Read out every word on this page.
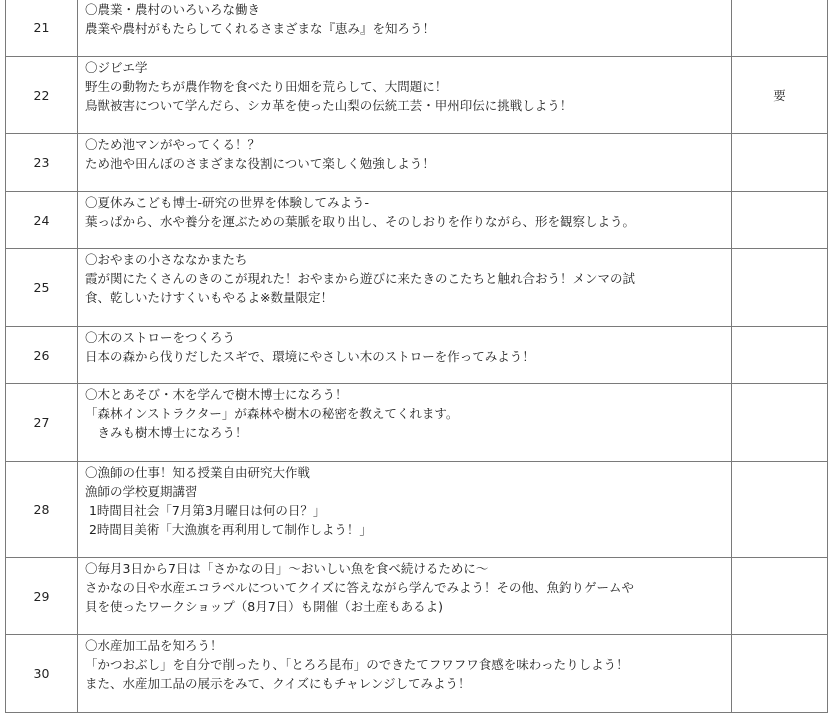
21	〇農業・農村のいろいろな働き
農業や農村がもたらしてくれるさまざまな『恵み』を知ろう！	

22	〇ジビエ学
野生の動物たちが農作物を食べたり田畑を荒らして、大問題に！
鳥獣被害について学んだら、シカ革を使った山梨の伝統工芸・甲州印伝に挑戦しよう！	要
23	〇ため池マンがやってくる！？
ため池や田んぼのさまざまな役割について楽しく勉強しよう！	

24	〇夏休みこども博士-研究の世界を体験してみよう-
葉っぱから、水や養分を運ぶための葉脈を取り出し、そのしおりを作りながら、形を観察しよう。	

25	〇おやまの小さななかまたち
霞が関にたくさんのきのこが現れた！おやまから遊びに来たきのこたちと触れ合おう！メンマの試
食、乾しいたけすくいもやるよ※数量限定！	

26	〇木のストローをつくろう
日本の森から伐りだしたスギで、環境にやさしい木のストローを作ってみよう！	

27	〇木とあそび・木を学んで樹木博士になろう！
「森林インストラクター」が森林や樹木の秘密を教えてくれます。
　きみも樹木博士になろう！	

28	〇漁師の仕事！知る授業自由研究大作戦
漁師の学校夏期講習
1時間目社会「7月第3月曜日は何の日？」
2時間目美術「大漁旗を再利用して制作しよう！」	

29	〇毎月3日から7日は「さかなの日」～おいしい魚を食べ続けるために～
さかなの日や水産エコラベルについてクイズに答えながら学んでみよう！その他、魚釣りゲームや
貝を使ったワークショップ（8月7日）も開催（お土産もあるよ)	

30	〇水産加工品を知ろう！
「かつおぶし」を自分で削ったり、「とろろ昆布」のできたてフワフワ食感を味わったりしよう！
また、水産加工品の展示をみて、クイズにもチャレンジしてみよう！	
